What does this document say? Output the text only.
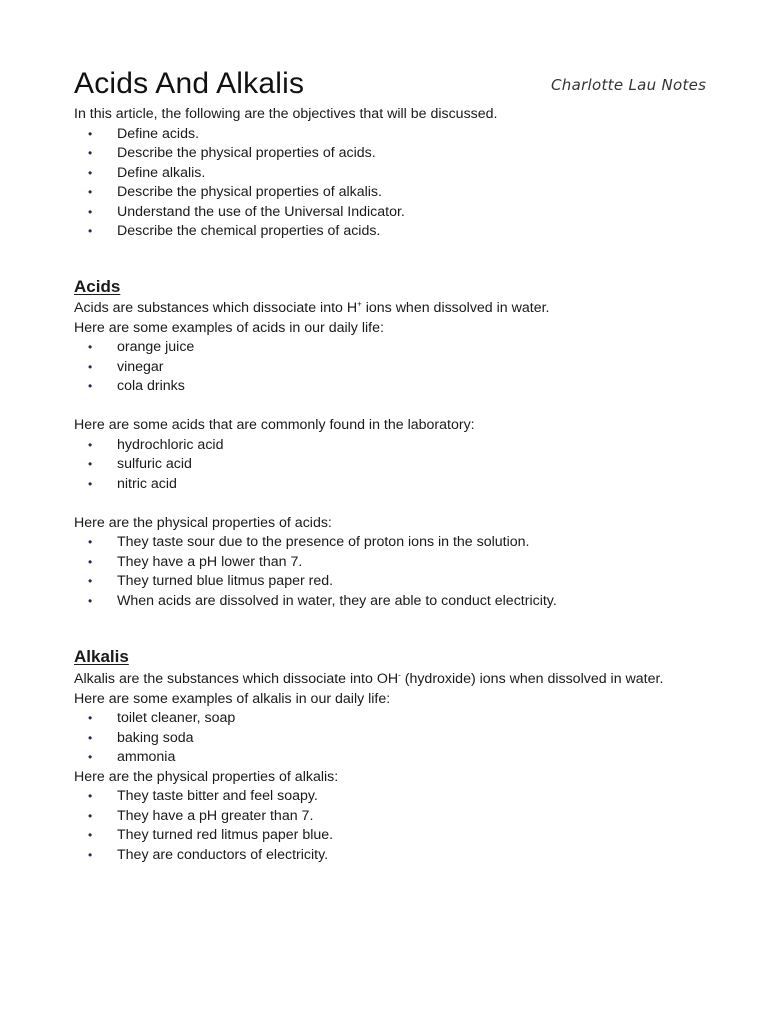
Acids And Alkalis	Charlotte Lau Notes

In this article, the following are the objectives that will be discussed.

• Define acids.
• Describe the physical properties of acids.
• Define alkalis.
• Describe the physical properties of alkalis.
• Understand the use of the Universal Indicator.
• Describe the chemical properties of acids.
Acids

Acids are substances which dissociate into H+ ions when dissolved in water.

Here are some examples of acids in our daily life:

• orange juice
• vinegar
• cola drinks

Here are some acids that are commonly found in the laboratory:

• hydrochloric acid
• sulfuric acid
• nitric acid

Here are the physical properties of acids:

• They taste sour due to the presence of proton ions in the solution.
• They have a pH lower than 7.
• They turned blue litmus paper red.
• When acids are dissolved in water, they are able to conduct electricity.
Alkalis

Alkalis are the substances which dissociate into OH- (hydroxide) ions when dissolved in water.

Here are some examples of alkalis in our daily life:

• toilet cleaner, soap
• baking soda
• ammonia

Here are the physical properties of alkalis:

• They taste bitter and feel soapy.
• They have a pH greater than 7.
• They turned red litmus paper blue.
• They are conductors of electricity.
